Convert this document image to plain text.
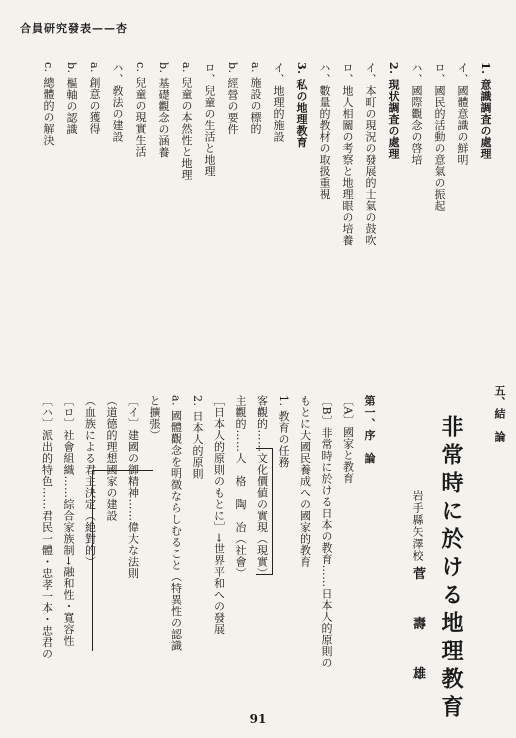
合員研究發表——杏
1. 意識調査の處理
イ、國體意識の鮮明
ロ、國民的活動の意氣の振起
ハ、國際觀念の啓培
2. 現状調査の處理
イ、本町の現況の發展的士氣の鼓吹
ロ、地人相關の考察と地理眼の培養
ハ、數量的教材の取扱重視
3. 私の地理教育
イ、地理的施設
a. 施設の標的
b. 經營の要件
ロ、兒童の生活と地理
a. 兒童の本然性と地理
b. 基礎觀念の涵養
c. 兒童の現實生活
ハ、敎法の建設
a. 創意の獲得
b. 樞軸の認識
c. 總體的の解決
五、結　論
非常時に於ける地理教育
岩手縣矢澤校 菅　壽　雄
第一、序　論
〔A〕國家と教育
〔B〕非常時に於ける日本の教育……日本人的原則の
もとに大國民養成への國家的教育
1. 教育の任務
客觀的……文化價値の實現（現實）
主觀的……人　格　陶　冶（社會）
［日本人的原則のもとに］→世界平和への發展
2. 日本人的原則
a. 國體觀念を明徴ならしむること（特異性の認識
と擴張）
〔イ〕建國の御精神……偉大な法則
（道德的理想國家の建設
（血族による君主決定（絶對的）
〔ロ〕社會組織……綜合家族制→融和性・寬容性
〔ハ〕派出的特色……君民一體・忠孝一本・忠君の
91
